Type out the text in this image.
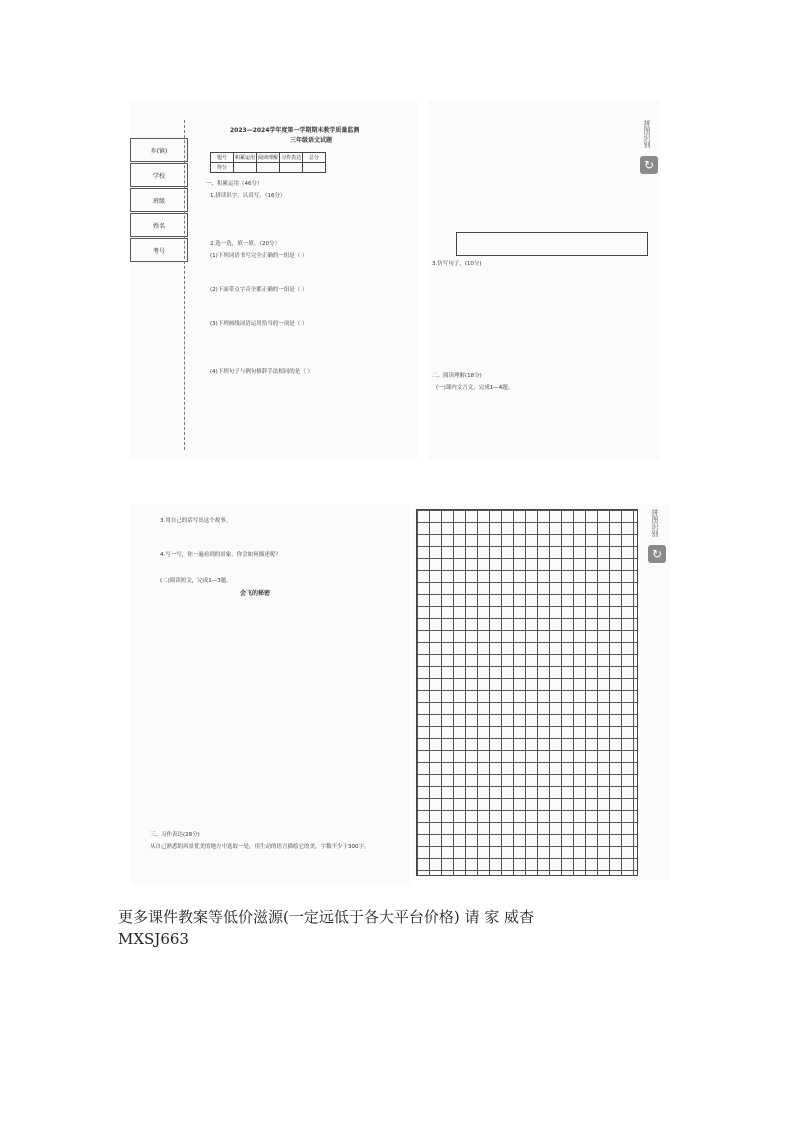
乡(镇)
学校
班级
姓名
考号
2023—2024学年度第一学期期末教学质量监测
三年级语文试题
题号	积累运用	阅读理解	习作表达	总分
得分				
一、积累运用（46分）
1.拼读识字，认真写。（16分）
2.选一选，填一填。（20分）
(1)下列词语书写完全正确的一组是（ ）
(2)下面带点字音全都正确的一组是（ ）
(3)下列画线词语运用恰当的一项是（ ）
(4)下列句子与例句修辞手法相同的是（ ）
3.仿写句子，(10分)
二、阅读理解(18分)
(一)课内文言文，完成1—4题。
拼图识别
↻
3.用自己的话写出这个故事。
4.写一写，你一遍看到的景象，你会如何描述呢？
(二)阅读短文，完成1—3题。
会飞的秘密
三、习作表达(28分)
从自己熟悉的风景优美的地方中选取一处，用生动的语言描绘它的美，字数不少于300字。
拼图识别
↻
更多课件教案等低价滋源(一定远低于各大平台价格) 请 家 威杳
MXSJ663
